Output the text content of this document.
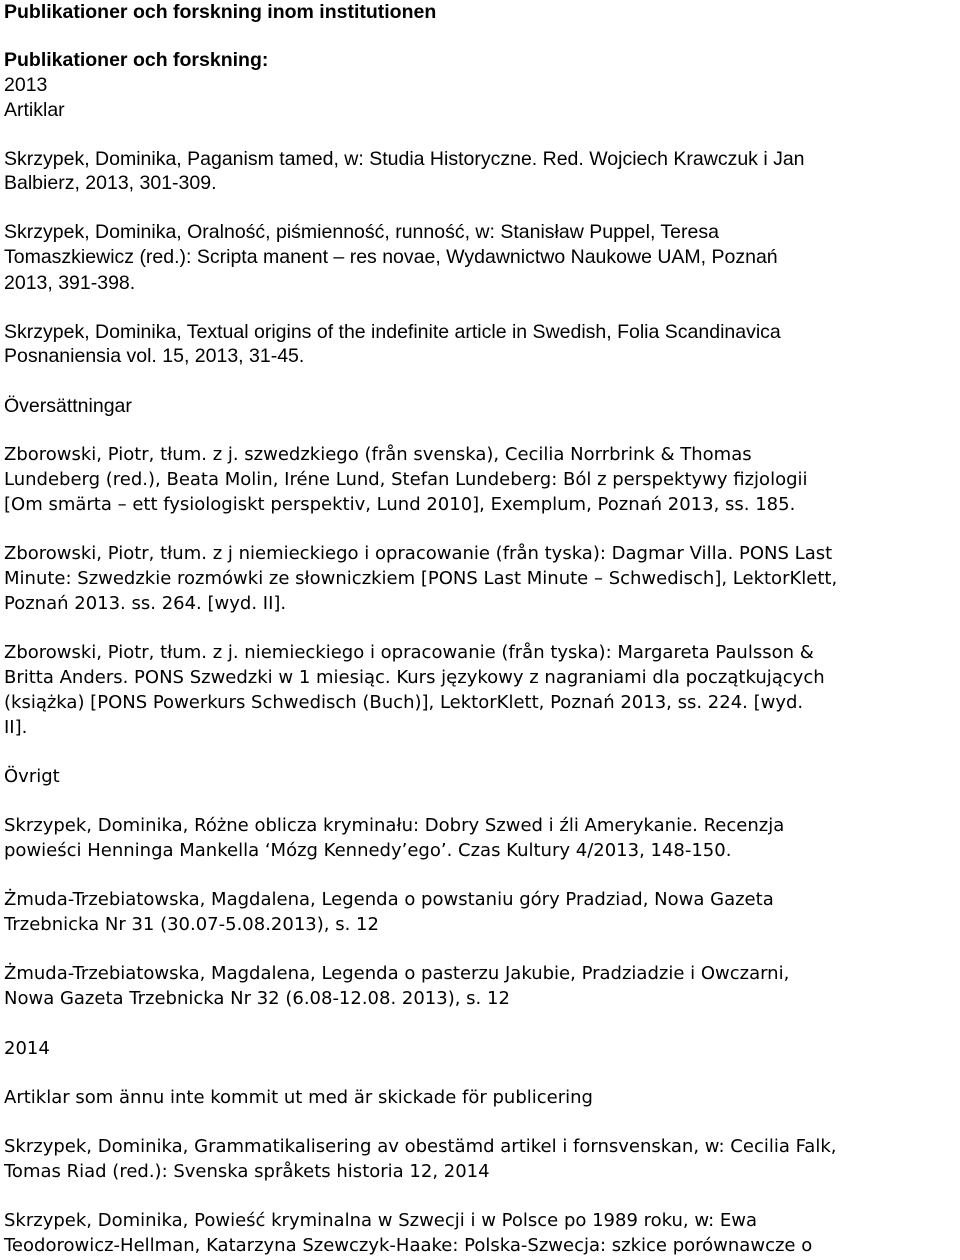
Publikationer och forskning inom institutionen
Publikationer och forskning:
2013
Artiklar
Skrzypek, Dominika, Paganism tamed, w: Studia Historyczne. Red. Wojciech Krawczuk i Jan
Balbierz, 2013, 301-309.
Skrzypek, Dominika, Oralność, piśmienność, runność, w: Stanisław Puppel, Teresa
Tomaszkiewicz (red.): Scripta manent – res novae, Wydawnictwo Naukowe UAM, Poznań
2013, 391-398.
Skrzypek, Dominika, Textual origins of the indefinite article in Swedish, Folia Scandinavica
Posnaniensia vol. 15, 2013, 31-45.
Översättningar
Zborowski, Piotr, tłum. z j. szwedzkiego (från svenska), Cecilia Norrbrink & Thomas
Lundeberg (red.), Beata Molin, Iréne Lund, Stefan Lundeberg: Ból z perspektywy fizjologii
[Om smärta – ett fysiologiskt perspektiv, Lund 2010], Exemplum, Poznań 2013, ss. 185.
Zborowski, Piotr, tłum. z j niemieckiego i opracowanie (från tyska): Dagmar Villa. PONS Last
Minute: Szwedzkie rozmówki ze słowniczkiem [PONS Last Minute – Schwedisch], LektorKlett,
Poznań 2013. ss. 264. [wyd. II].
Zborowski, Piotr, tłum. z j. niemieckiego i opracowanie (från tyska): Margareta Paulsson &
Britta Anders. PONS Szwedzki w 1 miesiąc. Kurs językowy z nagraniami dla początkujących
(książka) [PONS Powerkurs Schwedisch (Buch)], LektorKlett, Poznań 2013, ss. 224. [wyd.
II].
Övrigt
Skrzypek, Dominika, Różne oblicza kryminału: Dobry Szwed i źli Amerykanie. Recenzja
powieści Henninga Mankella ‘Mózg Kennedy’ego’. Czas Kultury 4/2013, 148-150.
Żmuda-Trzebiatowska, Magdalena, Legenda o powstaniu góry Pradziad, Nowa Gazeta
Trzebnicka Nr 31 (30.07-5.08.2013), s. 12
Żmuda-Trzebiatowska, Magdalena, Legenda o pasterzu Jakubie, Pradziadzie i Owczarni,
Nowa Gazeta Trzebnicka Nr 32 (6.08-12.08. 2013), s. 12
2014
Artiklar som ännu inte kommit ut med är skickade för publicering
Skrzypek, Dominika, Grammatikalisering av obestämd artikel i fornsvenskan, w: Cecilia Falk,
Tomas Riad (red.): Svenska språkets historia 12, 2014
Skrzypek, Dominika, Powieść kryminalna w Szwecji i w Polsce po 1989 roku, w: Ewa
Teodorowicz-Hellman, Katarzyna Szewczyk-Haake: Polska-Szwecja: szkice porównawcze o
